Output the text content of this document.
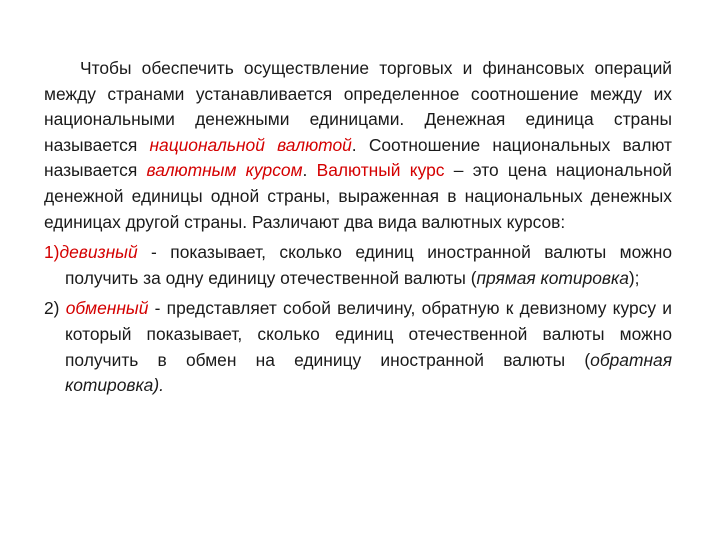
Чтобы обеспечить осуществление торговых и финансовых операций между странами устанавливается определенное соотношение между их национальными денежными единицами. Денежная единица страны называется национальной валютой. Соотношение национальных валют называется валютным курсом. Валютный курс – это цена национальной денежной единицы одной страны, выраженная в национальных денежных единицах другой страны. Различают два вида валютных курсов:

1)девизный - показывает, сколько единиц иностранной валюты можно получить за одну единицу отечественной валюты (прямая котировка);

2) обменный - представляет собой величину, обратную к девизному курсу и который показывает, сколько единиц отечественной валюты можно получить в обмен на единицу иностранной валюты (обратная котировка).
